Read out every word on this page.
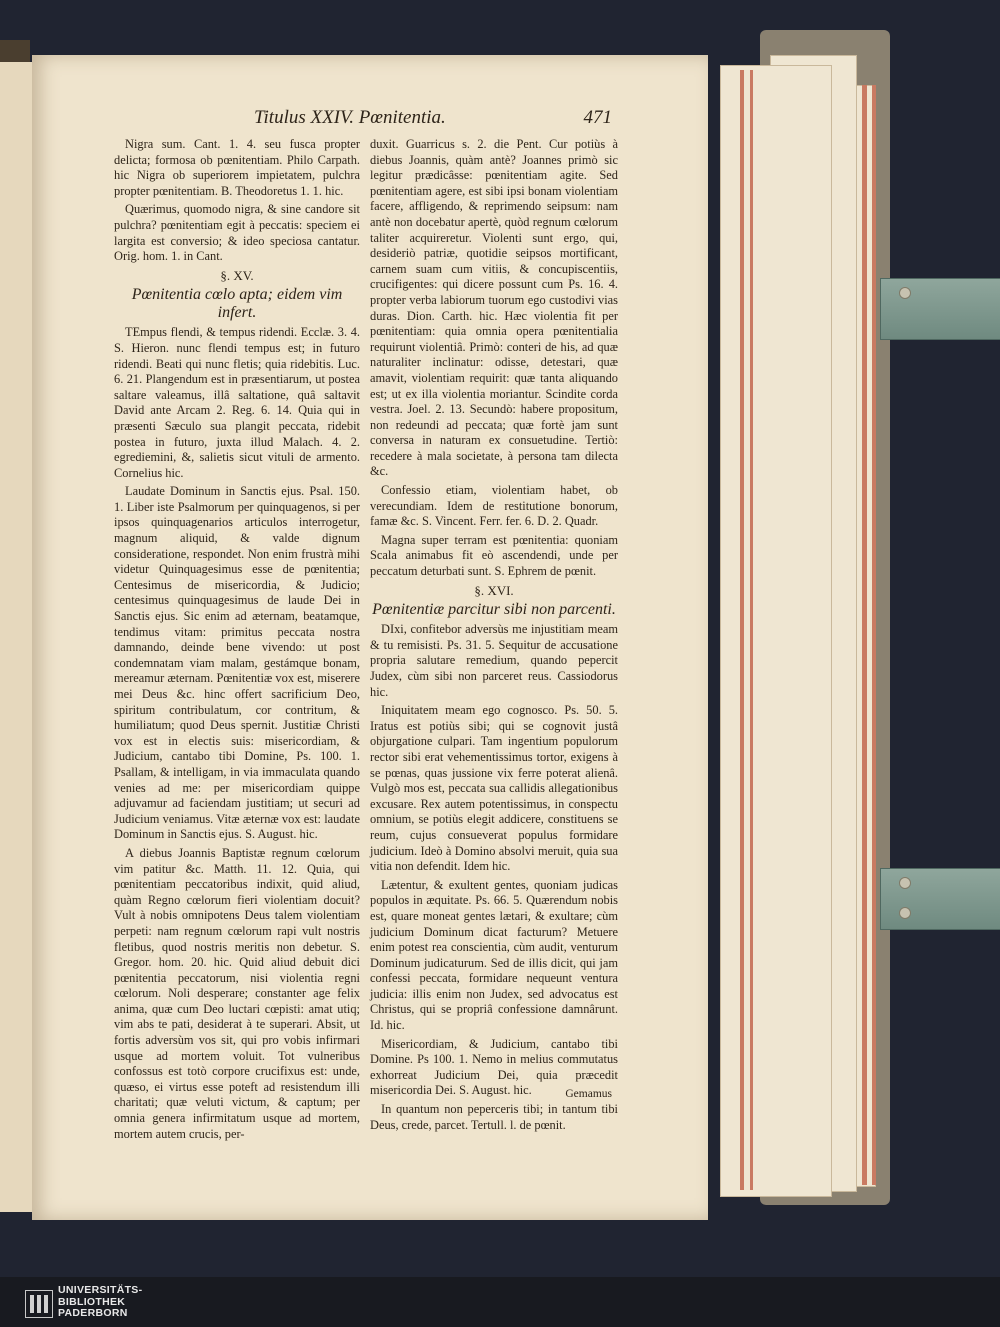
Titulus XXIV. Pœnitentia.	471

Nigra sum. Cant. 1. 4. seu fusca propter delicta; formosa ob pœnitentiam. Philo Carpath. hic Nigra ob superiorem impietatem, pulchra propter pœnitentiam. B. Theodoretus 1. 1. hic.

Quærimus, quomodo nigra, & sine candore sit pulchra? pœnitentiam egit à peccatis: speciem ei largita est conversio; & ideo speciosa cantatur. Orig. hom. 1. in Cant.

§. XV.

Pœnitentia cœlo apta; eidem vim infert.

TEmpus flendi, & tempus ridendi. Ecclæ. 3. 4. S. Hieron. nunc flendi tempus est; in futuro ridendi. Beati qui nunc fletis; quia ridebitis. Luc. 6. 21. Plangendum est in præsentiarum, ut postea saltare valeamus, illâ saltatione, quâ saltavit David ante Arcam 2. Reg. 6. 14. Quia qui in præsenti Sæculo sua plangit peccata, ridebit postea in futuro, juxta illud Malach. 4. 2. egrediemini, &, salietis sicut vituli de armento. Cornelius hic.

Laudate Dominum in Sanctis ejus. Psal. 150. 1. Liber iste Psalmorum per quinquagenos, si per ipsos quinquagenarios articulos interrogetur, magnum aliquid, & valde dignum consideratione, respondet. Non enim frustrà mihi videtur Quinquagesimus esse de pœnitentia; Centesimus de misericordia, & Judicio; centesimus quinquagesimus de laude Dei in Sanctis ejus. Sic enim ad æternam, beatamque, tendimus vitam: primitus peccata nostra damnando, deinde bene vivendo: ut post condemnatam viam malam, gestámque bonam, mereamur æternam. Pœnitentiæ vox est, miserere mei Deus &c. hinc offert sacrificium Deo, spiritum contribulatum, cor contritum, & humiliatum; quod Deus spernit. Justitiæ Christi vox est in electis suis: misericordiam, & Judicium, cantabo tibi Domine, Ps. 100. 1. Psallam, & intelligam, in via immaculata quando venies ad me: per misericordiam quippe adjuvamur ad faciendam justitiam; ut securi ad Judicium veniamus. Vitæ æternæ vox est: laudate Dominum in Sanctis ejus. S. August. hic.

A diebus Joannis Baptistæ regnum cœlorum vim patitur &c. Matth. 11. 12. Quia, qui pœnitentiam peccatoribus indixit, quid aliud, quàm Regno cœlorum fieri violentiam docuit? Vult à nobis omnipotens Deus talem violentiam perpeti: nam regnum cœlorum rapi vult nostris fletibus, quod nostris meritis non debetur. S. Gregor. hom. 20. hic. Quid aliud debuit dici pœnitentia peccatorum, nisi violentia regni cœlorum. Noli desperare; constanter age felix anima, quæ cum Deo luctari cœpisti: amat utiq; vim abs te pati, desiderat à te superari. Absit, ut fortis adversùm vos sit, qui pro vobis infirmari usque ad mortem voluit. Tot vulneribus confossus est totò corpore crucifixus est: unde, quæso, ei virtus esse poteft ad resistendum illi charitati; quæ veluti victum, & captum; per omnia genera infirmitatum usque ad mortem, mortem autem crucis, per-

duxit. Guarricus s. 2. die Pent. Cur potiùs à diebus Joannis, quàm antè? Joannes primò sic legitur prædicâsse: pœnitentiam agite. Sed pœnitentiam agere, est sibi ipsi bonam violentiam facere, affligendo, & reprimendo seipsum: nam antè non docebatur apertè, quòd regnum cœlorum taliter acquireretur. Violenti sunt ergo, qui, desideriò patriæ, quotidie seipsos mortificant, carnem suam cum vitiis, & concupiscentiis, crucifigentes: qui dicere possunt cum Ps. 16. 4. propter verba labiorum tuorum ego custodivi vias duras. Dion. Carth. hic. Hæc violentia fit per pœnitentiam: quia omnia opera pœnitentialia requirunt violentiâ. Primò: conteri de his, ad quæ naturaliter inclinatur: odisse, detestari, quæ amavit, violentiam requirit: quæ tanta aliquando est; ut ex illa violentia moriantur. Scindite corda vestra. Joel. 2. 13. Secundò: habere propositum, non redeundi ad peccata; quæ fortè jam sunt conversa in naturam ex consuetudine. Tertiò: recedere à mala societate, à persona tam dilecta &c.

Confessio etiam, violentiam habet, ob verecundiam. Idem de restitutione bonorum, famæ &c. S. Vincent. Ferr. fer. 6. D. 2. Quadr.

Magna super terram est pœnitentia: quoniam Scala animabus fit eò ascendendi, unde per peccatum deturbati sunt. S. Ephrem de pœnit.

§. XVI.

Pœnitentiæ parcitur sibi non parcenti.

DIxi, confitebor adversùs me injustitiam meam & tu remisisti. Ps. 31. 5. Sequitur de accusatione propria salutare remedium, quando pepercit Judex, cùm sibi non parceret reus. Cassiodorus hic.

Iniquitatem meam ego cognosco. Ps. 50. 5. Iratus est potiùs sibi; qui se cognovit justâ objurgatione culpari. Tam ingentium populorum rector sibi erat vehementissimus tortor, exigens à se pœnas, quas jussione vix ferre poterat alienâ. Vulgò mos est, peccata sua callidis allegationibus excusare. Rex autem potentissimus, in conspectu omnium, se potiùs elegit addicere, constituens se reum, cujus consueverat populus formidare judicium. Ideò à Domino absolvi meruit, quia sua vitia non defendit. Idem hic.

Lætentur, & exultent gentes, quoniam judicas populos in æquitate. Ps. 66. 5. Quærendum nobis est, quare moneat gentes lætari, & exultare; cùm judicium Dominum dicat facturum? Metuere enim potest rea conscientia, cùm audit, venturum Dominum judicaturum. Sed de illis dicit, qui jam confessi peccata, formidare nequeunt ventura judicia: illis enim non Judex, sed advocatus est Christus, qui se propriâ confessione damnârunt. Id. hic.

Misericordiam, & Judicium, cantabo tibi Domine. Ps 100. 1. Nemo in melius commutatus exhorreat Judicium Dei, quia præcedit misericordia Dei. S. August. hic.

In quantum non peperceris tibi; in tantum tibi Deus, crede, parcet. Tertull. l. de pœnit.

Gemamus
UNIVERSITÄTS-
BIBLIOTHEK
PADERBORN
